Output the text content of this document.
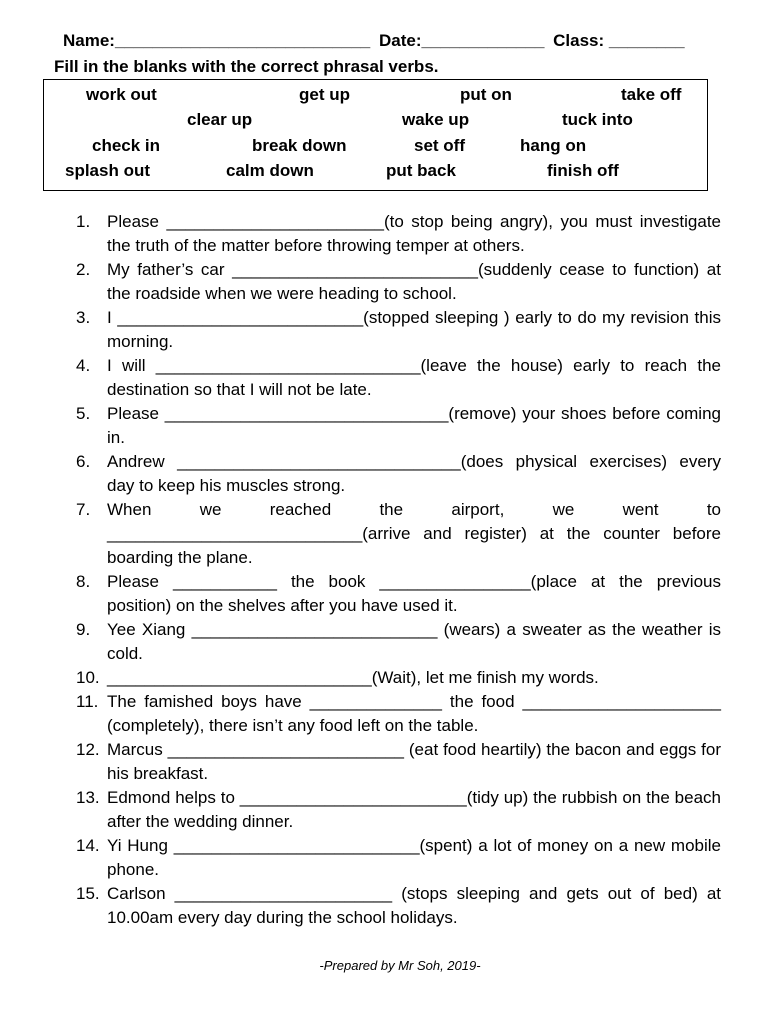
Name:___________________________ Date:_____________ Class: ________
Fill in the blanks with the correct phrasal verbs.
work out	get up	put on	take off
clear up	wake up	tuck into
check in	break down	set off	hang on
splash out	calm down	put back	finish off
1. Please _______________________(to stop being angry), you must investigate the truth of the matter before throwing temper at others.
2. My father’s car __________________________(suddenly cease to function) at the roadside when we were heading to school.
3. I __________________________(stopped sleeping ) early to do my revision this morning.
4. I will ____________________________(leave the house) early to reach the destination so that I will not be late.
5. Please ______________________________(remove) your shoes before coming in.
6. Andrew ______________________________(does physical exercises) every day to keep his muscles strong.
7. When we reached the airport, we went to ___________________________(arrive and register) at the counter before boarding the plane.
8. Please ___________ the book ________________(place at the previous position) on the shelves after you have used it.
9. Yee Xiang __________________________ (wears) a sweater as the weather is cold.
10. ____________________________(Wait), let me finish my words.
11. The famished boys have ______________ the food _____________________ (completely), there isn’t any food left on the table.
12. Marcus _________________________ (eat food heartily) the bacon and eggs for his breakfast.
13. Edmond helps to ________________________(tidy up) the rubbish on the beach after the wedding dinner.
14. Yi Hung __________________________(spent) a lot of money on a new mobile phone.
15. Carlson _______________________ (stops sleeping and gets out of bed) at 10.00am every day during the school holidays.
-Prepared by Mr Soh, 2019-
